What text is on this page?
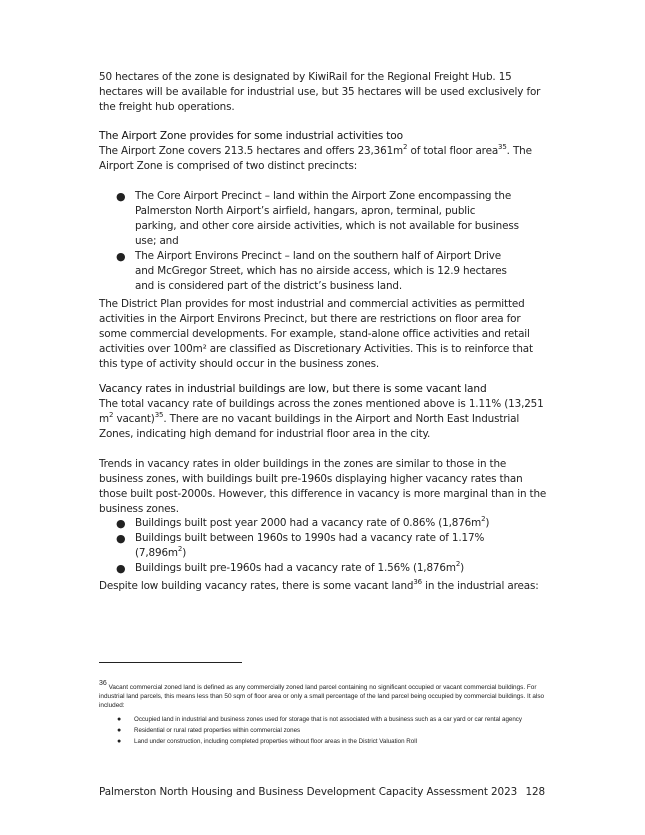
50 hectares of the zone is designated by KiwiRail for the Regional Freight Hub. 15 hectares will be available for industrial use, but 35 hectares will be used exclusively for the freight hub operations.

The Airport Zone provides for some industrial activities too

The Airport Zone covers 213.5 hectares and offers $23,361m^2$ of total floor area$^{35}$. The Airport Zone is comprised of two distinct precincts:

● The Core Airport Precinct – land within the Airport Zone encompassing the Palmerston North Airport’s airfield, hangars, apron, terminal, public parking, and other core airside activities, which is not available for business use; and
● The Airport Environs Precinct – land on the southern half of Airport Drive and McGregor Street, which has no airside access, which is 12.9 hectares and is considered part of the district’s business land.

The District Plan provides for most industrial and commercial activities as permitted activities in the Airport Environs Precinct, but there are restrictions on floor area for some commercial developments. For example, stand-alone office activities and retail activities over 100m² are classified as Discretionary Activities. This is to reinforce that this type of activity should occur in the business zones.

Vacancy rates in industrial buildings are low, but there is some vacant land

The total vacancy rate of buildings across the zones mentioned above is 1.11% (13,251 $m^2$ vacant)$^{35}$. There are no vacant buildings in the Airport and North East Industrial Zones, indicating high demand for industrial floor area in the city.

Trends in vacancy rates in older buildings in the zones are similar to those in the business zones, with buildings built pre-1960s displaying higher vacancy rates than those built post-2000s. However, this difference in vacancy is more marginal than in the business zones.

● Buildings built post year 2000 had a vacancy rate of 0.86% $(1,876m^2)$
● Buildings built between 1960s to 1990s had a vacancy rate of 1.17% $(7,896m^2)$
● Buildings built pre-1960s had a vacancy rate of 1.56% $(1,876m^2)$

Despite low building vacancy rates, there is some vacant land$^{36}$ in the industrial areas:

$^{36}$ Vacant commercial zoned land is defined as any commercially zoned land parcel containing no significant occupied or vacant commercial buildings. For industrial land parcels, this means less than 50 sqm of floor area or only a small percentage of the land parcel being occupied by commercial buildings. It also included:
● Occupied land in industrial and business zones used for storage that is not associated with a business such as a car yard or car rental agency
● Residential or rural rated properties within commercial zones
● Land under construction, including completed properties without floor areas in the District Valuation Roll
Palmerston North Housing and Business Development Capacity Assessment 2023 128
